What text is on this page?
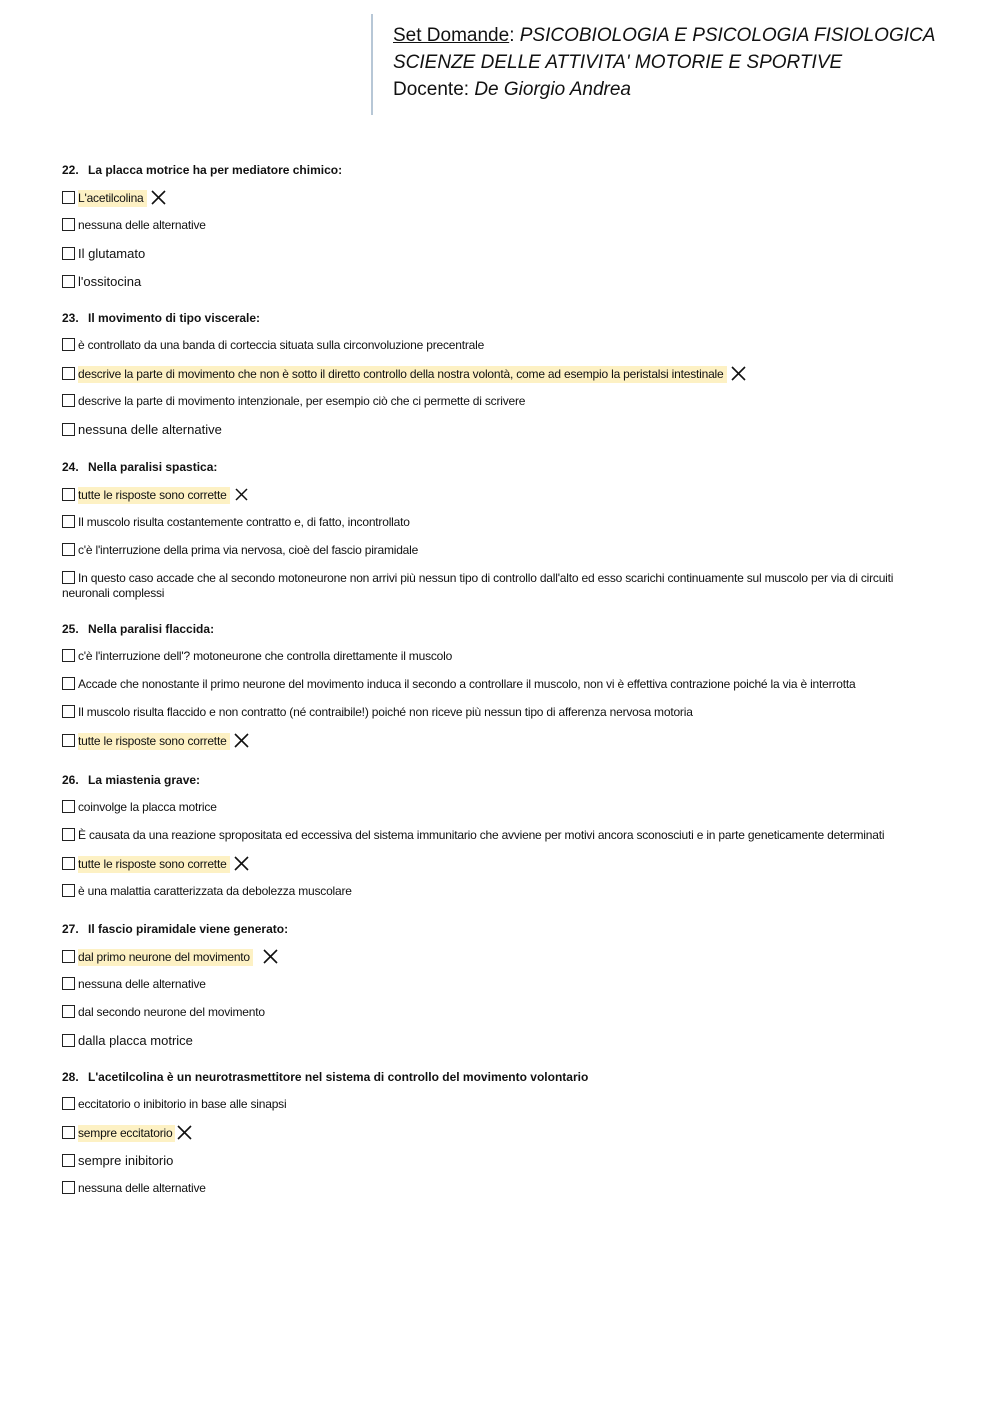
Set Domande: PSICOBIOLOGIA E PSICOLOGIA FISIOLOGICA
SCIENZE DELLE ATTIVITA' MOTORIE E SPORTIVE
Docente: De Giorgio Andrea
22. La placca motrice ha per mediatore chimico:
L'acetilcolina
nessuna delle alternative
Il glutamato
l'ossitocina
23. Il movimento di tipo viscerale:
è controllato da una banda di corteccia situata sulla circonvoluzione precentrale
descrive la parte di movimento che non è sotto il diretto controllo della nostra volontà, come ad esempio la peristalsi intestinale
descrive la parte di movimento intenzionale, per esempio ciò che ci permette di scrivere
nessuna delle alternative
24. Nella paralisi spastica:
tutte le risposte sono corrette
Il muscolo risulta costantemente contratto e, di fatto, incontrollato
c'è l'interruzione della prima via nervosa, cioè del fascio piramidale
In questo caso accade che al secondo motoneurone non arrivi più nessun tipo di controllo dall'alto ed esso scarichi continuamente sul muscolo per via di circuiti neuronali complessi
25. Nella paralisi flaccida:
c'è l'interruzione dell'? motoneurone che controlla direttamente il muscolo
Accade che nonostante il primo neurone del movimento induca il secondo a controllare il muscolo, non vi è effettiva contrazione poiché la via è interrotta
Il muscolo risulta flaccido e non contratto (né contraibile!) poiché non riceve più nessun tipo di afferenza nervosa motoria
tutte le risposte sono corrette
26. La miastenia grave:
coinvolge la placca motrice
È causata da una reazione spropositata ed eccessiva del sistema immunitario che avviene per motivi ancora sconosciuti e in parte geneticamente determinati
tutte le risposte sono corrette
è una malattia caratterizzata da debolezza muscolare
27. Il fascio piramidale viene generato:
dal primo neurone del movimento
nessuna delle alternative
dal secondo neurone del movimento
dalla placca motrice
28. L'acetilcolina è un neurotrasmettitore nel sistema di controllo del movimento volontario
eccitatorio o inibitorio in base alle sinapsi
sempre eccitatorio
sempre inibitorio
nessuna delle alternative
